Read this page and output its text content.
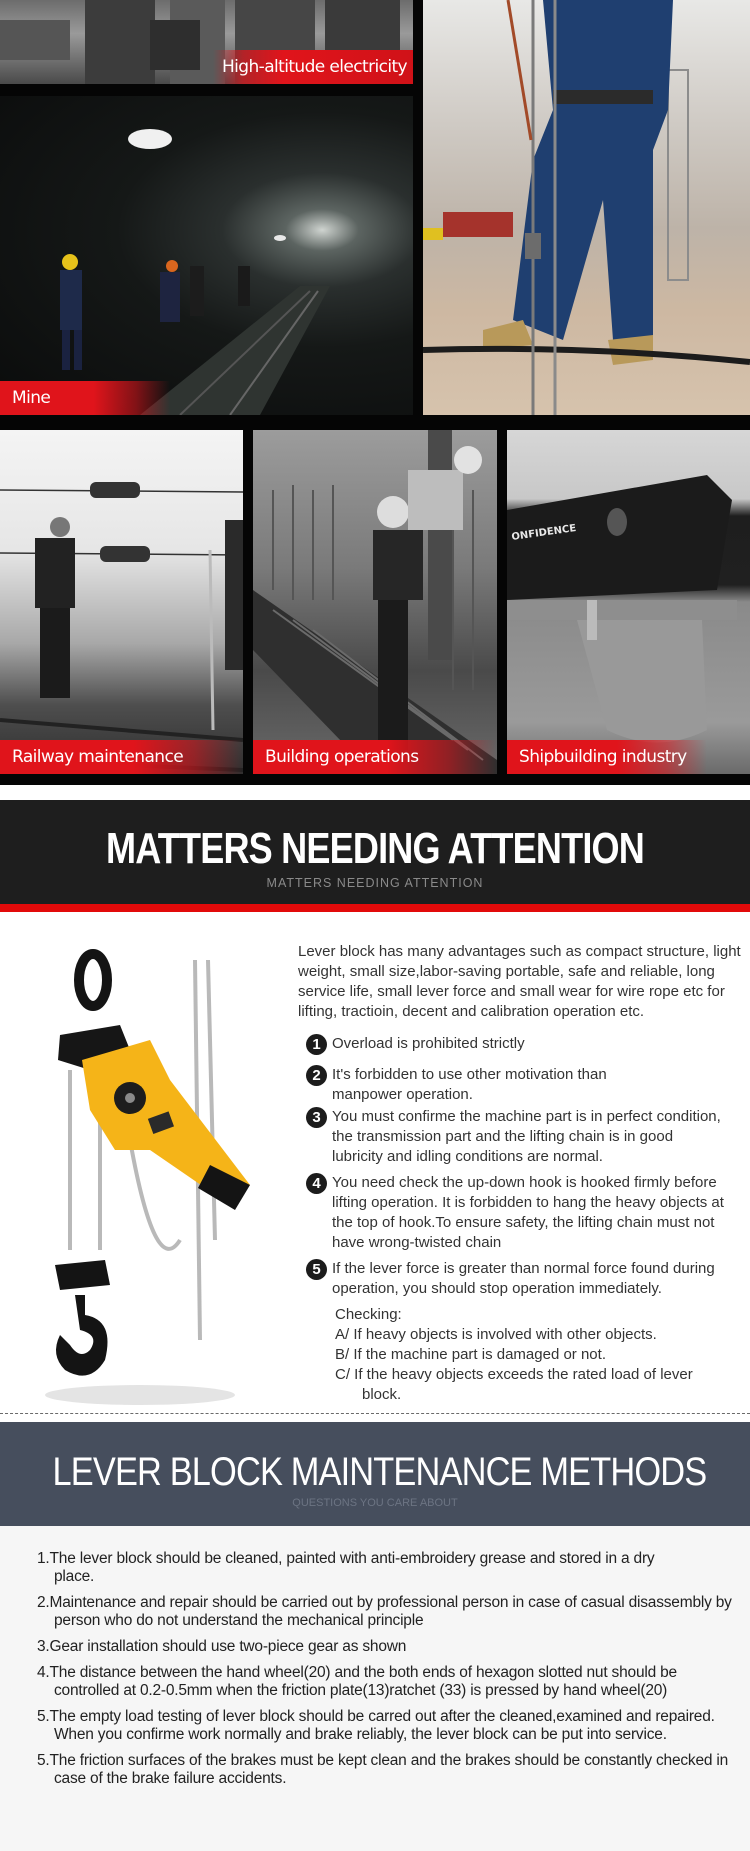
High-altitude electricity
Mine
Railway maintenance	Building operations
ONFIDENCE
Shipbuilding industry
MATTERS NEEDING ATTENTION
MATTERS NEEDING ATTENTION

Lever block has many advantages such as compact structure, light weight, small size,labor-saving portable, safe and reliable, long service life, small lever force and small wear for wire rope etc for lifting, tractioin, decent and calibration operation etc.

1 Overload is prohibited strictly
2 It's forbidden to use other motivation than manpower operation.
3 You must confirme the machine part is in perfect condition, the transmission part and the lifting chain is in good lubricity and idling conditions are normal.
4 You need check the up-down hook is hooked firmly before lifting operation. It is forbidden to hang the heavy objects at the top of hook.To ensure safety, the lifting chain must not have wrong-twisted chain
5 If the lever force is greater than normal force found during operation, you should stop operation immediately.
Checking:
A/ If heavy objects is involved with other objects.
B/ If the machine part is damaged or not.
C/ If the heavy objects exceeds the rated load of lever block.
LEVER BLOCK MAINTENANCE METHODS
QUESTIONS YOU CARE ABOUT
1.The lever block should be cleaned, painted with anti-embroidery grease and stored in a dry place.
2.Maintenance and repair should be carried out by professional person in case of casual disassembly by person who do not understand the mechanical principle
3.Gear installation should use two-piece gear as shown
4.The distance between the hand wheel(20) and the both ends of hexagon slotted nut should be controlled at 0.2-0.5mm when the friction plate(13)ratchet (33) is pressed by hand wheel(20)
5.The empty load testing of lever block should be carred out after the cleaned,examined and repaired. When you confirme work normally and brake reliably, the lever block can be put into service.
5.The friction surfaces of the brakes must be kept clean and the brakes should be constantly checked in case of the brake failure accidents.
